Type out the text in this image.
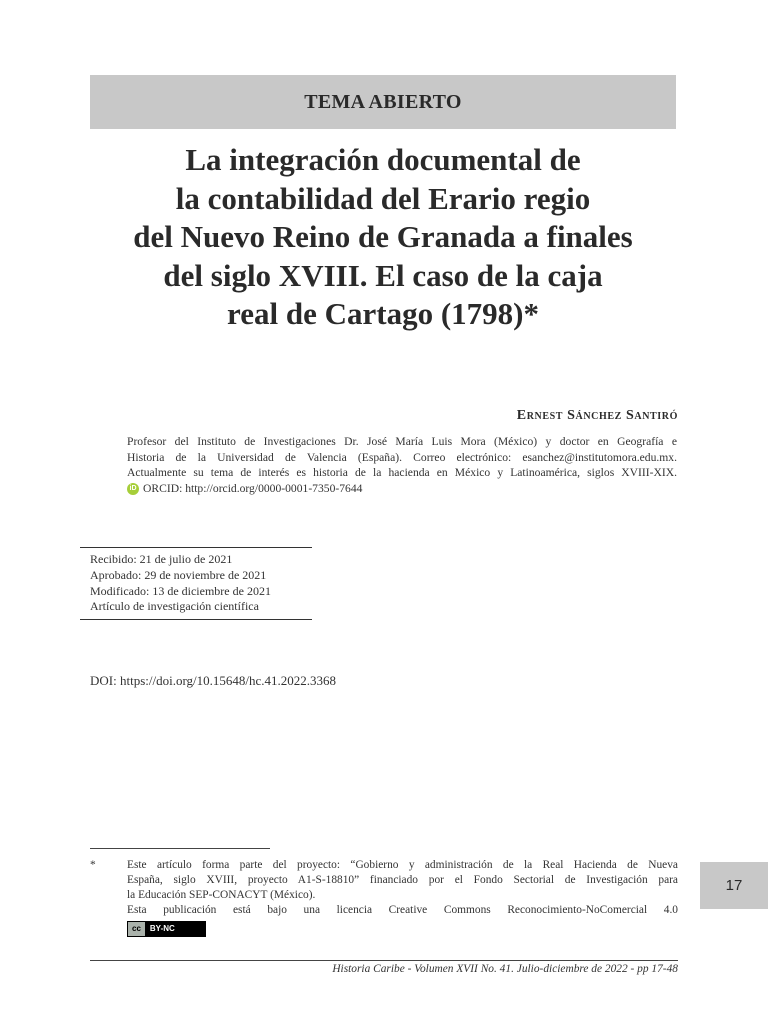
TEMA ABIERTO
La integración documental de
la contabilidad del Erario regio
del Nuevo Reino de Granada a finales
del siglo XVIII. El caso de la caja
real de Cartago (1798)*
Ernest Sánchez Santiró
Profesor del Instituto de Investigaciones Dr. José María Luis Mora (México) y doctor en Geografía e
Historia de la Universidad de Valencia (España). Correo electrónico: esanchez@institutomora.edu.mx.
Actualmente su tema de interés es historia de la hacienda en México y Latinoamérica, siglos XVIII-XIX.
iD ORCID: http://orcid.org/0000-0001-7350-7644
Recibido: 21 de julio de 2021
Aprobado: 29 de noviembre de 2021
Modificado: 13 de diciembre de 2021
Artículo de investigación científica
DOI: https://doi.org/10.15648/hc.41.2022.3368
*	Este artículo forma parte del proyecto: “Gobierno y administración de la Real Hacienda de Nueva
España, siglo XVIII, proyecto A1-S-18810” financiado por el Fondo Sectorial de Investigación para
la Educación SEP-CONACYT (México).
Esta publicación está bajo una licencia Creative Commons Reconocimiento-NoComercial 4.0
cc	BY-NC
17
Historia Caribe - Volumen XVII No. 41. Julio-diciembre de 2022 - pp 17-48
